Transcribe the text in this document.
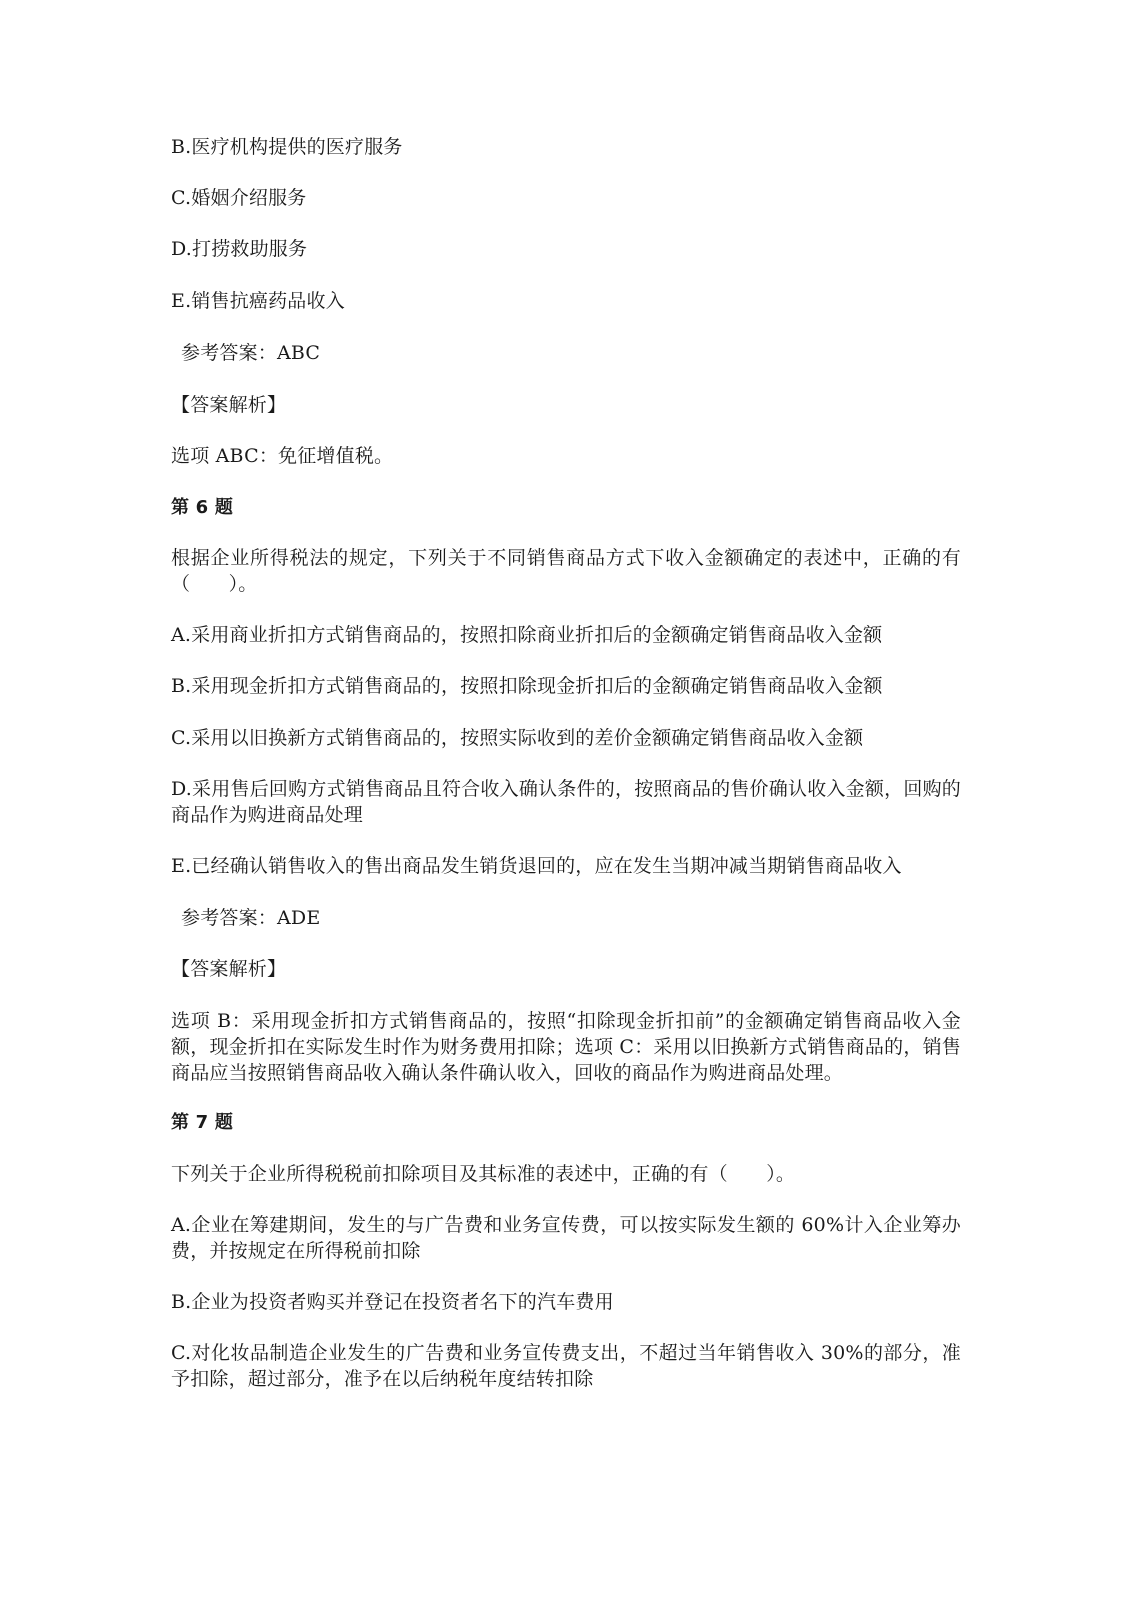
B.医疗机构提供的医疗服务
C.婚姻介绍服务
D.打捞救助服务
E.销售抗癌药品收入
参考答案：ABC
【答案解析】
选项 ABC：免征增值税。
第 6 题
根据企业所得税法的规定，下列关于不同销售商品方式下收入金额确定的表述中，正确的有（　　）。
A.采用商业折扣方式销售商品的，按照扣除商业折扣后的金额确定销售商品收入金额
B.采用现金折扣方式销售商品的，按照扣除现金折扣后的金额确定销售商品收入金额
C.采用以旧换新方式销售商品的，按照实际收到的差价金额确定销售商品收入金额
D.采用售后回购方式销售商品且符合收入确认条件的，按照商品的售价确认收入金额，回购的商品作为购进商品处理
E.已经确认销售收入的售出商品发生销货退回的，应在发生当期冲减当期销售商品收入
参考答案：ADE
【答案解析】
选项 B：采用现金折扣方式销售商品的，按照“扣除现金折扣前”的金额确定销售商品收入金额，现金折扣在实际发生时作为财务费用扣除；选项 C：采用以旧换新方式销售商品的，销售商品应当按照销售商品收入确认条件确认收入，回收的商品作为购进商品处理。
第 7 题
下列关于企业所得税税前扣除项目及其标准的表述中，正确的有（　　）。
A.企业在筹建期间，发生的与广告费和业务宣传费，可以按实际发生额的 60%计入企业筹办费，并按规定在所得税前扣除
B.企业为投资者购买并登记在投资者名下的汽车费用
C.对化妆品制造企业发生的广告费和业务宣传费支出，不超过当年销售收入 30%的部分，准予扣除，超过部分，准予在以后纳税年度结转扣除
